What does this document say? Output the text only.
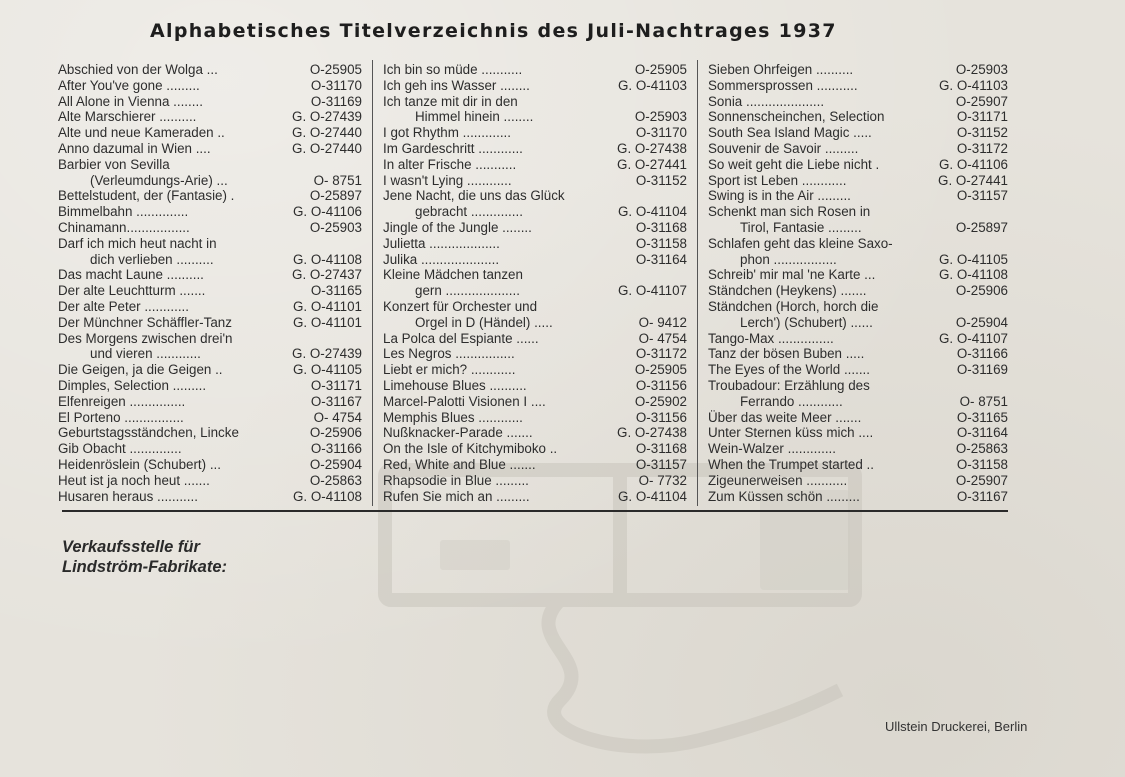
Alphabetisches Titelverzeichnis des Juli-Nachtrages 1937
Abschied von der Wolga ...	O-25905
After You've gone .........	O-31170
All Alone in Vienna ........	O-31169
Alte Marschierer ..........	G. O-27439
Alte und neue Kameraden ..	G. O-27440
Anno dazumal in Wien ....	G. O-27440
Barbier von Sevilla
(Verleumdungs-Arie) ...	O- 8751
Bettelstudent, der (Fantasie) .	O-25897
Bimmelbahn ..............	G. O-41106
Chinamann.................	O-25903
Darf ich mich heut nacht in
dich verlieben ..........	G. O-41108
Das macht Laune ..........	G. O-27437
Der alte Leuchtturm .......	O-31165
Der alte Peter ............	G. O-41101
Der Münchner Schäffler-Tanz	G. O-41101
Des Morgens zwischen drei'n
und vieren ............	G. O-27439
Die Geigen, ja die Geigen ..	G. O-41105
Dimples, Selection .........	O-31171
Elfenreigen ...............	O-31167
El Porteno ................	O- 4754
Geburtstagsständchen, Lincke	O-25906
Gib Obacht ..............	O-31166
Heidenröslein (Schubert) ...	O-25904
Heut ist ja noch heut .......	O-25863
Husaren heraus ...........	G. O-41108
Ich bin so müde ...........	O-25905
Ich geh ins Wasser ........	G. O-41103
Ich tanze mit dir in den
Himmel hinein ........	O-25903
I got Rhythm .............	O-31170
Im Gardeschritt ............	G. O-27438
In alter Frische ...........	G. O-27441
I wasn't Lying ............	O-31152
Jene Nacht, die uns das Glück
gebracht ..............	G. O-41104
Jingle of the Jungle ........	O-31168
Julietta ...................	O-31158
Julika .....................	O-31164
Kleine Mädchen tanzen
gern ....................	G. O-41107
Konzert für Orchester und
Orgel in D (Händel) .....	O- 9412
La Polca del Espiante ......	O- 4754
Les Negros ................	O-31172
Liebt er mich? ............	O-25905
Limehouse Blues ..........	O-31156
Marcel-Palotti Visionen I ....	O-25902
Memphis Blues ............	O-31156
Nußknacker-Parade .......	G. O-27438
On the Isle of Kitchymiboko ..	O-31168
Red, White and Blue .......	O-31157
Rhapsodie in Blue .........	O- 7732
Rufen Sie mich an .........	G. O-41104
Sieben Ohrfeigen ..........	O-25903
Sommersprossen ...........	G. O-41103
Sonia .....................	O-25907
Sonnenscheinchen, Selection	O-31171
South Sea Island Magic .....	O-31152
Souvenir de Savoir .........	O-31172
So weit geht die Liebe nicht .	G. O-41106
Sport ist Leben ............	G. O-27441
Swing is in the Air .........	O-31157
Schenkt man sich Rosen in
Tirol, Fantasie .........	O-25897
Schlafen geht das kleine Saxo-
phon .................	G. O-41105
Schreib' mir mal 'ne Karte ...	G. O-41108
Ständchen (Heykens) .......	O-25906
Ständchen (Horch, horch die
Lerch') (Schubert) ......	O-25904
Tango-Max ...............	G. O-41107
Tanz der bösen Buben .....	O-31166
The Eyes of the World .......	O-31169
Troubadour: Erzählung des
Ferrando ............	O- 8751
Über das weite Meer .......	O-31165
Unter Sternen küss mich ....	O-31164
Wein-Walzer .............	O-25863
When the Trumpet started ..	O-31158
Zigeunerweisen ...........	O-25907
Zum Küssen schön .........	O-31167
Verkaufsstelle für
Lindström-Fabrikate:
Ullstein Druckerei, Berlin
